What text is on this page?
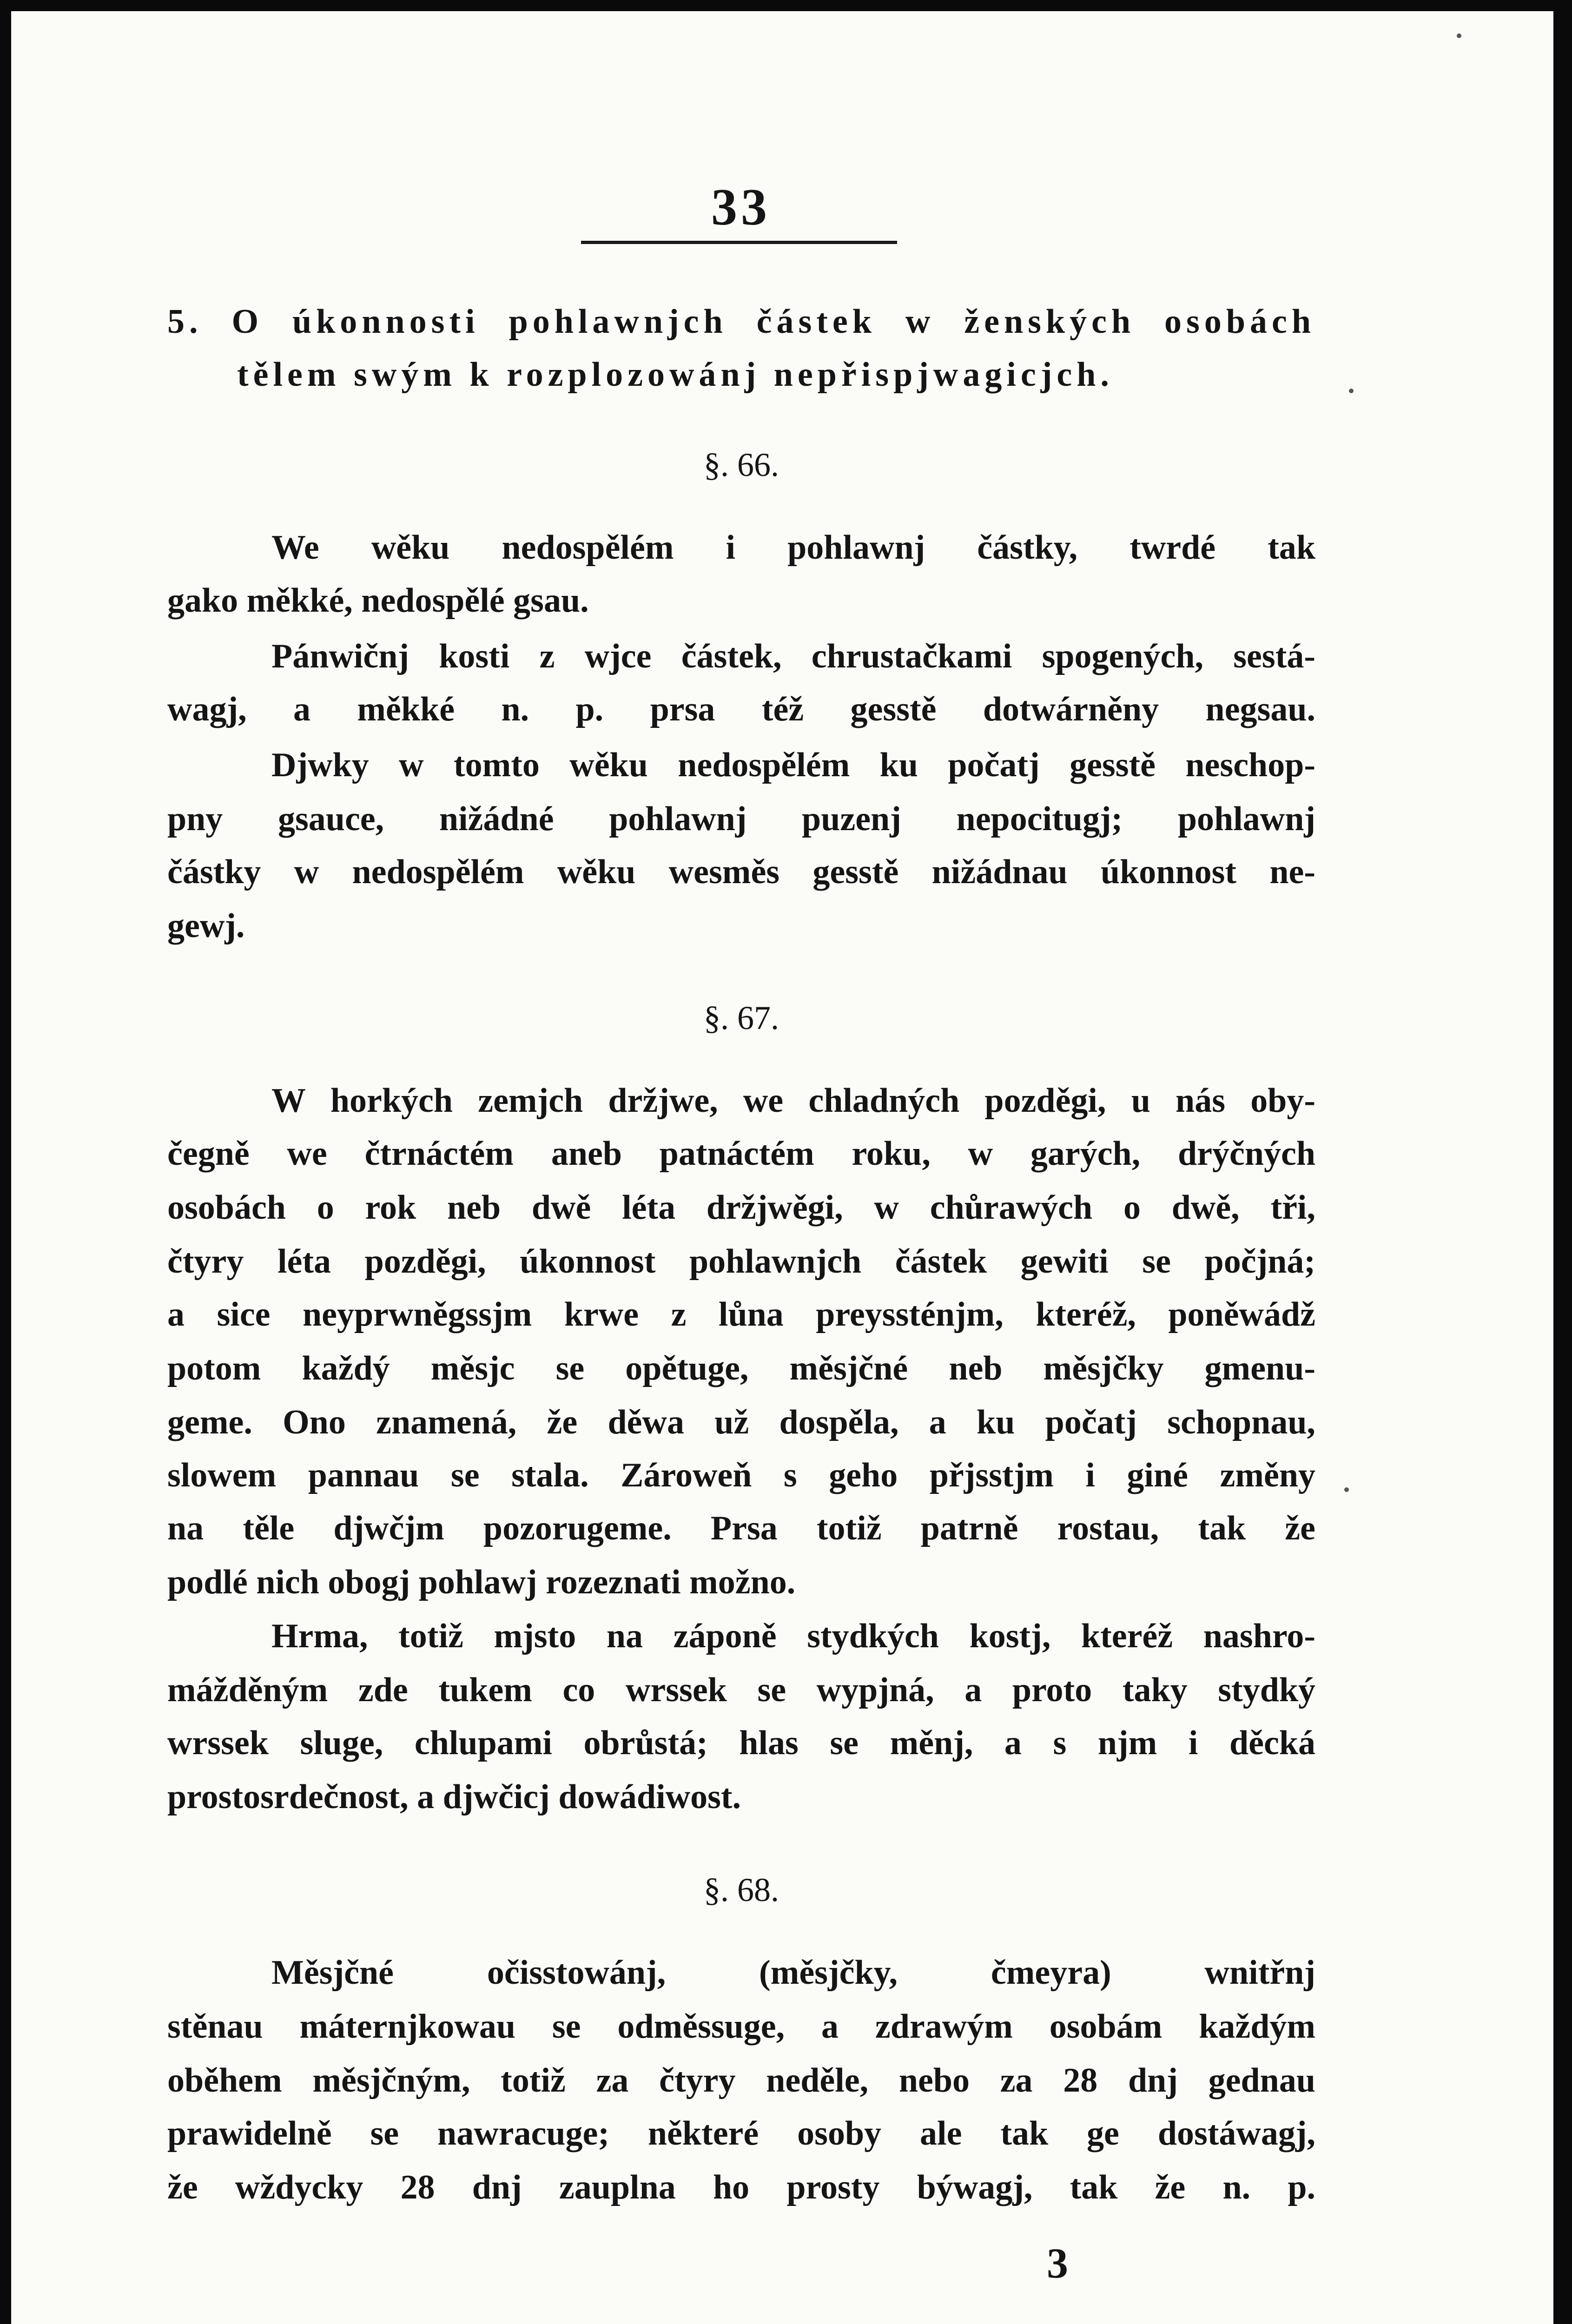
33
5. O úkonnosti pohlawnjch částek w ženských osobách
tělem swým k rozplozowánj nepřispjwagicjch.
§. 66.
We wěku nedospělém i pohlawnj částky, twrdé tak
gako měkké, nedospělé gsau.
Pánwičnj kosti z wjce částek, chrustačkami spogených, sestá-
wagj, a měkké n. p. prsa též gesstě dotwárněny negsau.
Djwky w tomto wěku nedospělém ku počatj gesstě neschop-
pny gsauce, nižádné pohlawnj puzenj nepocitugj; pohlawnj
částky w nedospělém wěku wesměs gesstě nižádnau úkonnost ne-
gewj.
§. 67.
W horkých zemjch držjwe, we chladných pozděgi, u nás oby-
čegně we čtrnáctém aneb patnáctém roku, w garých, drýčných
osobách o rok neb dwě léta držjwěgi, w chůrawých o dwě, tři,
čtyry léta pozděgi, úkonnost pohlawnjch částek gewiti se počjná;
a sice neyprwněgssjm krwe z lůna preyssténjm, kteréž, poněwádž
potom každý měsjc se opětuge, měsjčné neb měsjčky gmenu-
geme. Ono znamená, že děwa už dospěla, a ku počatj schopnau,
slowem pannau se stala. Zároweň s geho přjsstjm i giné změny
na těle djwčjm pozorugeme. Prsa totiž patrně rostau, tak že
podlé nich obogj pohlawj rozeznati možno.
Hrma, totiž mjsto na záponě stydkých kostj, kteréž nashro-
mážděným zde tukem co wrssek se wypjná, a proto taky stydký
wrssek sluge, chlupami obrůstá; hlas se měnj, a s njm i děcká
prostosrdečnost, a djwčicj dowádiwost.
§. 68.
Měsjčné očisstowánj, (měsjčky, čmeyra) wnitřnj
stěnau máternjkowau se odměssuge, a zdrawým osobám každým
oběhem měsjčným, totiž za čtyry neděle, nebo za 28 dnj gednau
prawidelně se nawracuge; některé osoby ale tak ge dostáwagj,
že wždycky 28 dnj zauplna ho prosty býwagj, tak že n. p.
3
